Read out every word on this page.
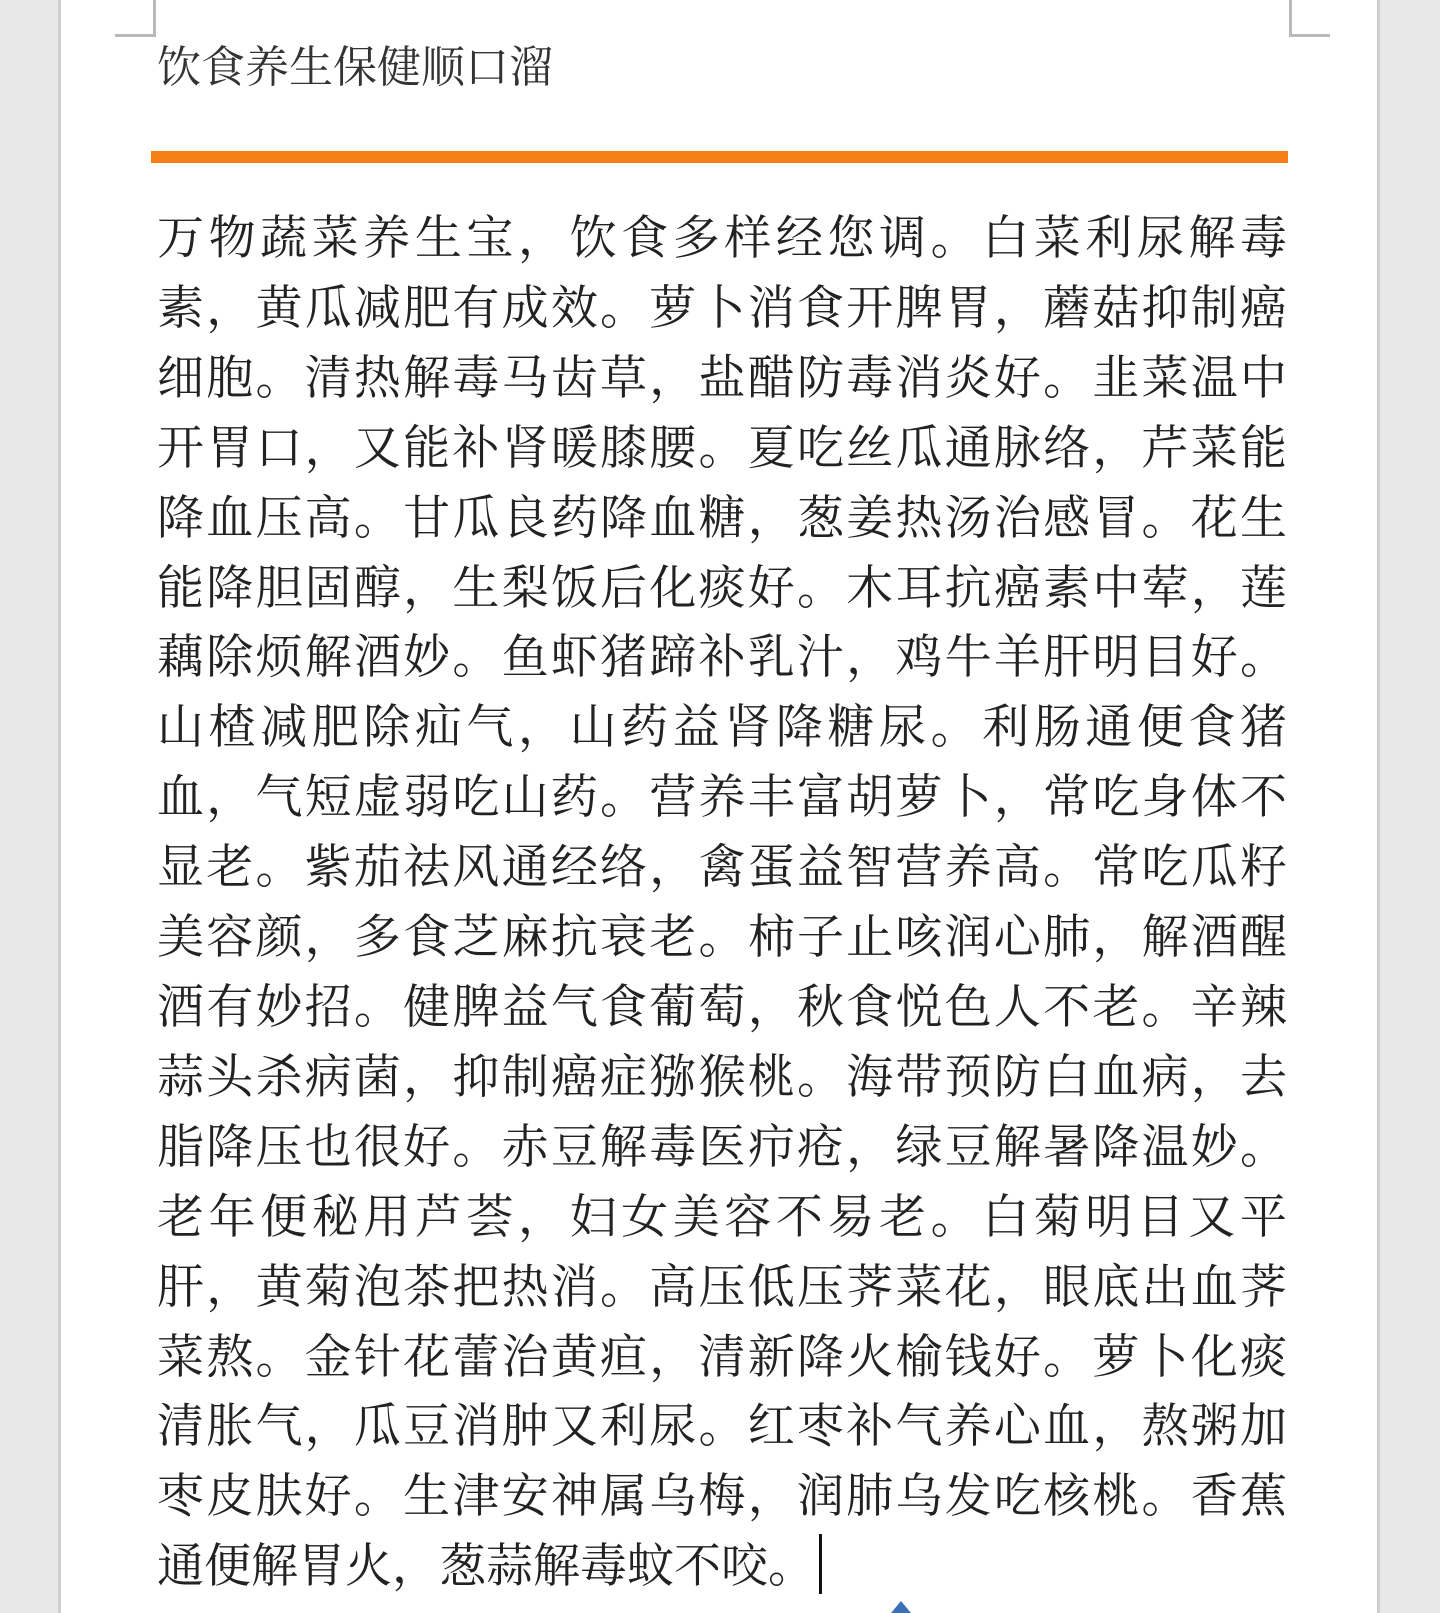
饮食养生保健顺口溜
万物蔬菜养生宝，饮食多样经您调。白菜利尿解毒
素，黄瓜减肥有成效。萝卜消食开脾胃，蘑菇抑制癌
细胞。清热解毒马齿草，盐醋防毒消炎好。韭菜温中
开胃口，又能补肾暖膝腰。夏吃丝瓜通脉络，芹菜能
降血压高。甘瓜良药降血糖，葱姜热汤治感冒。花生
能降胆固醇，生梨饭后化痰好。木耳抗癌素中荤，莲
藕除烦解酒妙。鱼虾猪蹄补乳汁，鸡牛羊肝明目好。
山楂减肥除疝气，山药益肾降糖尿。利肠通便食猪
血，气短虚弱吃山药。营养丰富胡萝卜，常吃身体不
显老。紫茄祛风通经络，禽蛋益智营养高。常吃瓜籽
美容颜，多食芝麻抗衰老。柿子止咳润心肺，解酒醒
酒有妙招。健脾益气食葡萄，秋食悦色人不老。辛辣
蒜头杀病菌，抑制癌症猕猴桃。海带预防白血病，去
脂降压也很好。赤豆解毒医疖疮，绿豆解暑降温妙。
老年便秘用芦荟，妇女美容不易老。白菊明目又平
肝，黄菊泡茶把热消。高压低压荠菜花，眼底出血荠
菜熬。金针花蕾治黄疸，清新降火榆钱好。萝卜化痰
清胀气，瓜豆消肿又利尿。红枣补气养心血，熬粥加
枣皮肤好。生津安神属乌梅，润肺乌发吃核桃。香蕉
通便解胃火，葱蒜解毒蚊不咬。
